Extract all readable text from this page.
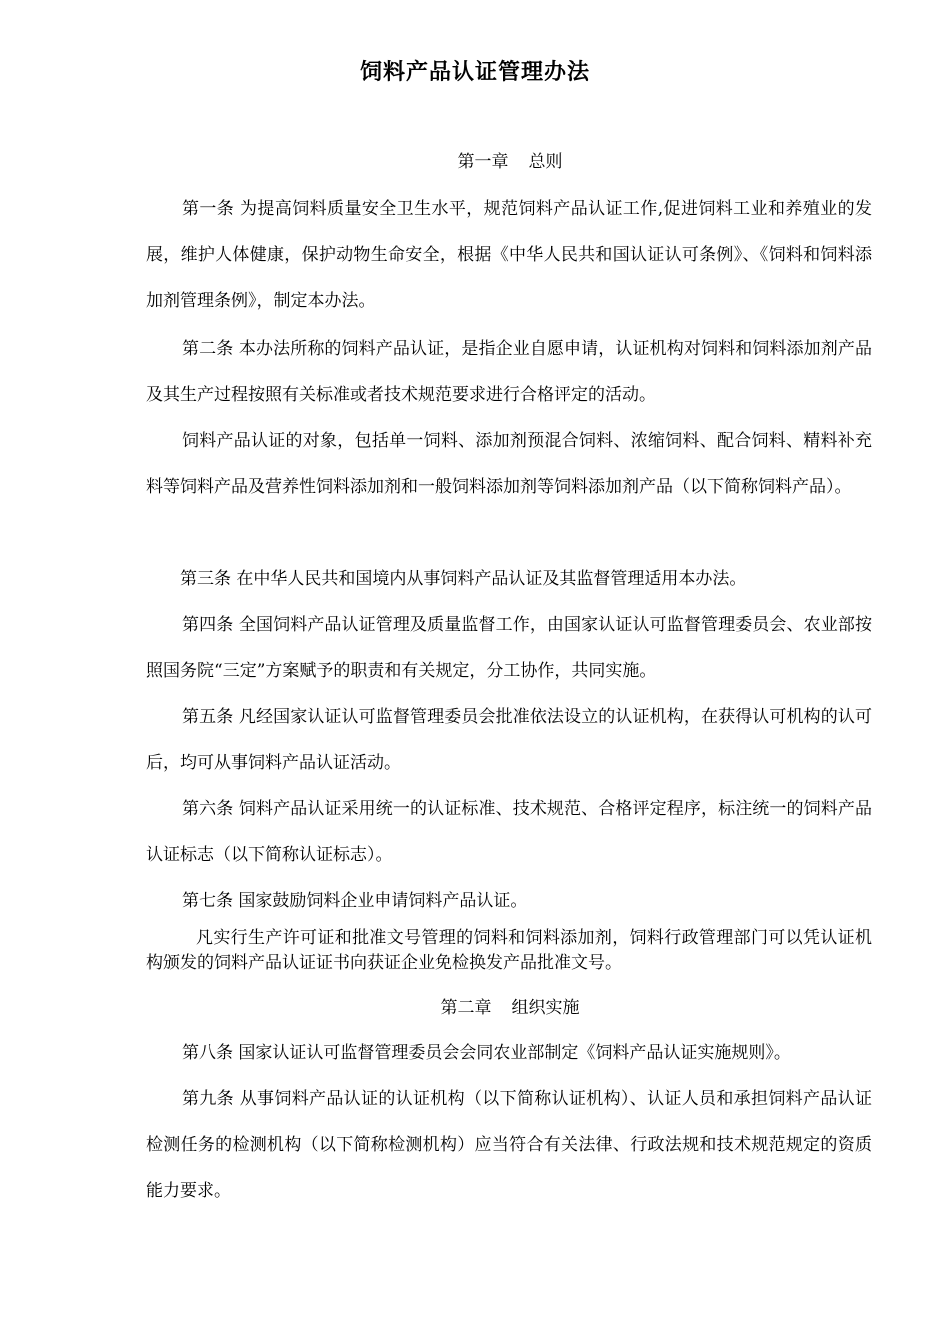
饲料产品认证管理办法
第一章 总则

第一条 为提高饲料质量安全卫生水平，规范饲料产品认证工作,促进饲料工业和养殖业的发展，维护人体健康，保护动物生命安全，根据《中华人民共和国认证认可条例》、《饲料和饲料添加剂管理条例》，制定本办法。

第二条 本办法所称的饲料产品认证，是指企业自愿申请，认证机构对饲料和饲料添加剂产品及其生产过程按照有关标准或者技术规范要求进行合格评定的活动。

饲料产品认证的对象，包括单一饲料、添加剂预混合饲料、浓缩饲料、配合饲料、精料补充料等饲料产品及营养性饲料添加剂和一般饲料添加剂等饲料添加剂产品（以下简称饲料产品）。

第三条 在中华人民共和国境内从事饲料产品认证及其监督管理适用本办法。

第四条 全国饲料产品认证管理及质量监督工作，由国家认证认可监督管理委员会、农业部按照国务院“三定”方案赋予的职责和有关规定，分工协作，共同实施。

第五条 凡经国家认证认可监督管理委员会批准依法设立的认证机构，在获得认可机构的认可后，均可从事饲料产品认证活动。

第六条 饲料产品认证采用统一的认证标准、技术规范、合格评定程序，标注统一的饲料产品认证标志（以下简称认证标志）。

第七条 国家鼓励饲料企业申请饲料产品认证。

凡实行生产许可证和批准文号管理的饲料和饲料添加剂，饲料行政管理部门可以凭认证机构颁发的饲料产品认证证书向获证企业免检换发产品批准文号。

第二章 组织实施

第八条 国家认证认可监督管理委员会会同农业部制定《饲料产品认证实施规则》。

第九条 从事饲料产品认证的认证机构（以下简称认证机构）、认证人员和承担饲料产品认证检测任务的检测机构（以下简称检测机构）应当符合有关法律、行政法规和技术规范规定的资质能力要求。
